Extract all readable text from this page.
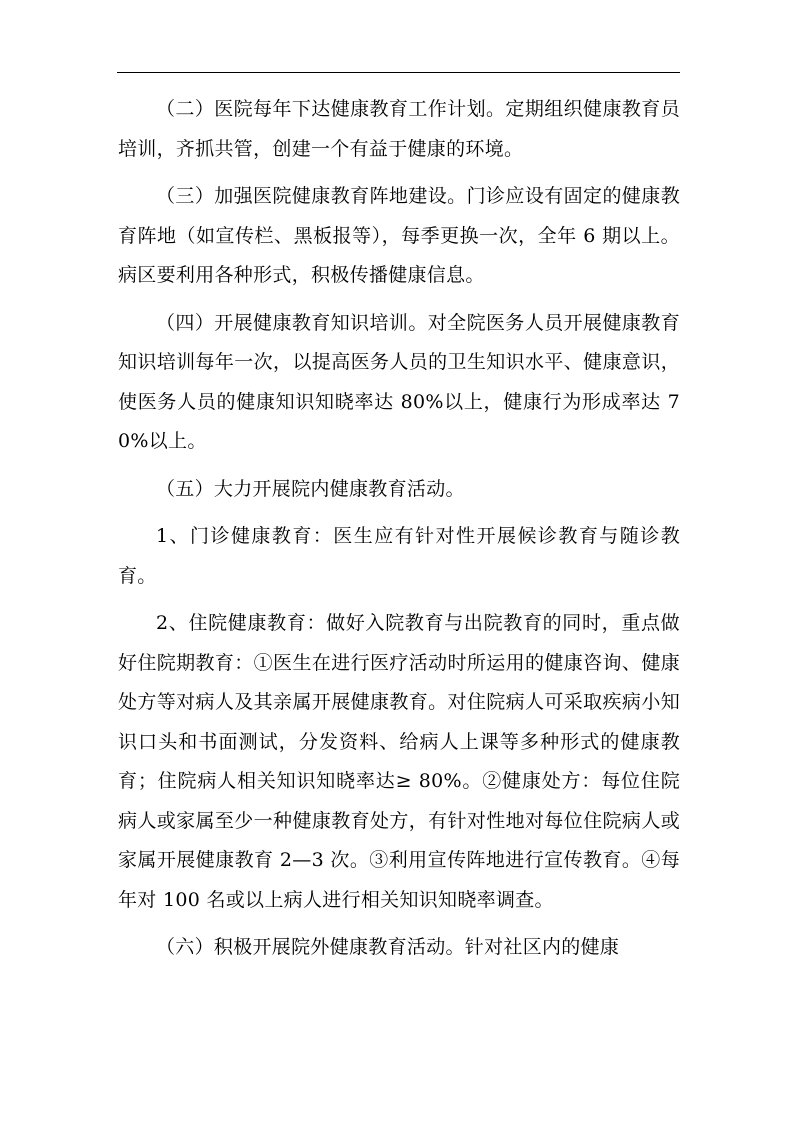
（二）医院每年下达健康教育工作计划。定期组织健康教育员培训，齐抓共管，创建一个有益于健康的环境。

（三）加强医院健康教育阵地建设。门诊应设有固定的健康教育阵地（如宣传栏、黑板报等），每季更换一次，全年 6 期以上。病区要利用各种形式，积极传播健康信息。

（四）开展健康教育知识培训。对全院医务人员开展健康教育知识培训每年一次，以提高医务人员的卫生知识水平、健康意识，使医务人员的健康知识知晓率达 80%以上，健康行为形成率达 70%以上。

（五）大力开展院内健康教育活动。

1、门诊健康教育：医生应有针对性开展候诊教育与随诊教育。

2、住院健康教育：做好入院教育与出院教育的同时，重点做好住院期教育：①医生在进行医疗活动时所运用的健康咨询、健康处方等对病人及其亲属开展健康教育。对住院病人可采取疾病小知识口头和书面测试，分发资料、给病人上课等多种形式的健康教育；住院病人相关知识知晓率达≥ 80%。②健康处方：每位住院病人或家属至少一种健康教育处方，有针对性地对每位住院病人或家属开展健康教育 2—3 次。③利用宣传阵地进行宣传教育。④每年对 100 名或以上病人进行相关知识知晓率调查。

（六）积极开展院外健康教育活动。针对社区内的健康
